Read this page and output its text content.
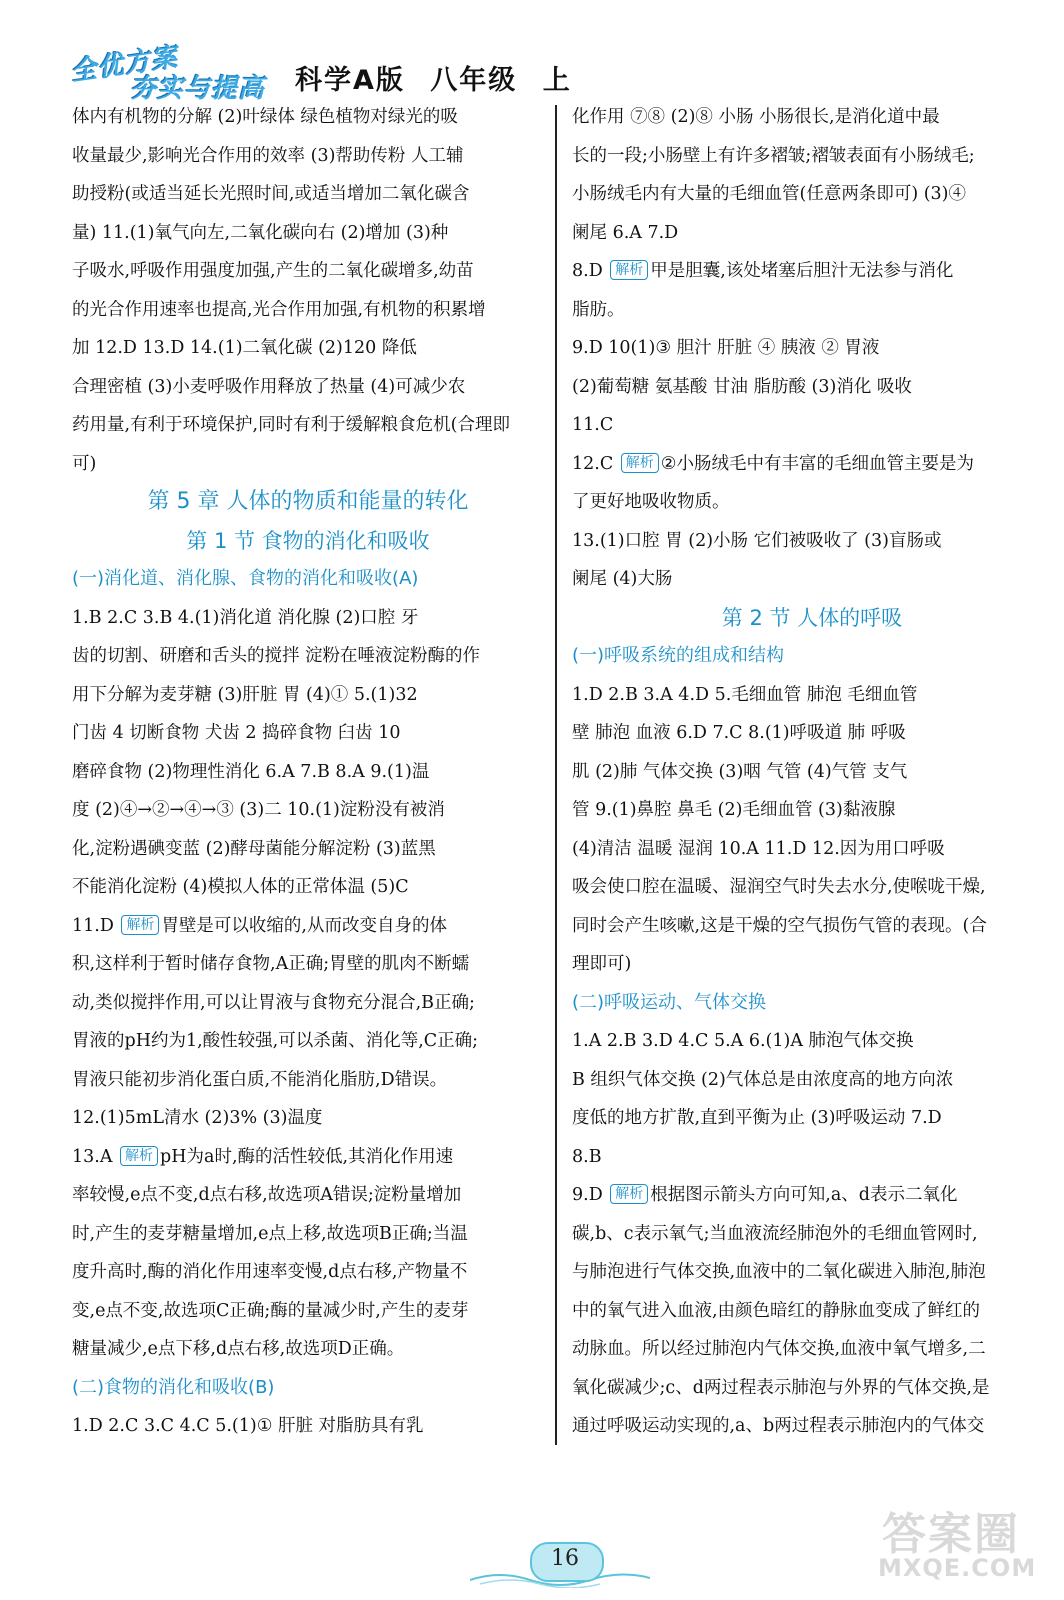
全优方案
夯实与提高 科学A版 八年级 上
体内有机物的分解 (2)叶绿体 绿色植物对绿光的吸
收量最少,影响光合作用的效率 (3)帮助传粉 人工辅
助授粉(或适当延长光照时间,或适当增加二氧化碳含
量) 11.(1)氧气向左,二氧化碳向右 (2)增加 (3)种
子吸水,呼吸作用强度加强,产生的二氧化碳增多,幼苗
的光合作用速率也提高,光合作用加强,有机物的积累增
加 12.D 13.D 14.(1)二氧化碳 (2)120 降低
合理密植 (3)小麦呼吸作用释放了热量 (4)可减少农
药用量,有利于环境保护,同时有利于缓解粮食危机(合理即
可)
第 5 章 人体的物质和能量的转化
第 1 节 食物的消化和吸收
(一)消化道、消化腺、食物的消化和吸收(A)
1.B 2.C 3.B 4.(1)消化道 消化腺 (2)口腔 牙
齿的切割、研磨和舌头的搅拌 淀粉在唾液淀粉酶的作
用下分解为麦芽糖 (3)肝脏 胃 (4)① 5.(1)32
门齿 4 切断食物 犬齿 2 捣碎食物 臼齿 10
磨碎食物 (2)物理性消化 6.A 7.B 8.A 9.(1)温
度 (2)④→②→④→③ (3)二 10.(1)淀粉没有被消
化,淀粉遇碘变蓝 (2)酵母菌能分解淀粉 (3)蓝黑
不能消化淀粉 (4)模拟人体的正常体温 (5)C
11.D 解析 胃壁是可以收缩的,从而改变自身的体
积,这样利于暂时储存食物,A正确;胃壁的肌肉不断蠕
动,类似搅拌作用,可以让胃液与食物充分混合,B正确;
胃液的pH约为1,酸性较强,可以杀菌、消化等,C正确;
胃液只能初步消化蛋白质,不能消化脂肪,D错误。
12.(1)5mL清水 (2)3% (3)温度
13.A 解析 pH为a时,酶的活性较低,其消化作用速
率较慢,e点不变,d点右移,故选项A错误;淀粉量增加
时,产生的麦芽糖量增加,e点上移,故选项B正确;当温
度升高时,酶的消化作用速率变慢,d点右移,产物量不
变,e点不变,故选项C正确;酶的量减少时,产生的麦芽
糖量减少,e点下移,d点右移,故选项D正确。
(二)食物的消化和吸收(B)
1.D 2.C 3.C 4.C 5.(1)① 肝脏 对脂肪具有乳
化作用 ⑦⑧ (2)⑧ 小肠 小肠很长,是消化道中最
长的一段;小肠壁上有许多褶皱;褶皱表面有小肠绒毛;
小肠绒毛内有大量的毛细血管(任意两条即可) (3)④
阑尾 6.A 7.D
8.D 解析 甲是胆囊,该处堵塞后胆汁无法参与消化
脂肪。
9.D 10(1)③ 胆汁 肝脏 ④ 胰液 ② 胃液
(2)葡萄糖 氨基酸 甘油 脂肪酸 (3)消化 吸收
11.C
12.C 解析 ②小肠绒毛中有丰富的毛细血管主要是为
了更好地吸收物质。
13.(1)口腔 胃 (2)小肠 它们被吸收了 (3)盲肠或
阑尾 (4)大肠
第 2 节 人体的呼吸
(一)呼吸系统的组成和结构
1.D 2.B 3.A 4.D 5.毛细血管 肺泡 毛细血管
壁 肺泡 血液 6.D 7.C 8.(1)呼吸道 肺 呼吸
肌 (2)肺 气体交换 (3)咽 气管 (4)气管 支气
管 9.(1)鼻腔 鼻毛 (2)毛细血管 (3)黏液腺
(4)清洁 温暖 湿润 10.A 11.D 12.因为用口呼吸
吸会使口腔在温暖、湿润空气时失去水分,使喉咙干燥,
同时会产生咳嗽,这是干燥的空气损伤气管的表现。(合
理即可)
(二)呼吸运动、气体交换
1.A 2.B 3.D 4.C 5.A 6.(1)A 肺泡气体交换
B 组织气体交换 (2)气体总是由浓度高的地方向浓
度低的地方扩散,直到平衡为止 (3)呼吸运动 7.D
8.B
9.D 解析 根据图示箭头方向可知,a、d表示二氧化
碳,b、c表示氧气;当血液流经肺泡外的毛细血管网时,
与肺泡进行气体交换,血液中的二氧化碳进入肺泡,肺泡
中的氧气进入血液,由颜色暗红的静脉血变成了鲜红的
动脉血。所以经过肺泡内气体交换,血液中氧气增多,二
氧化碳减少;c、d两过程表示肺泡与外界的气体交换,是
通过呼吸运动实现的,a、b两过程表示肺泡内的气体交
16	答案圈
MXQE.COM
